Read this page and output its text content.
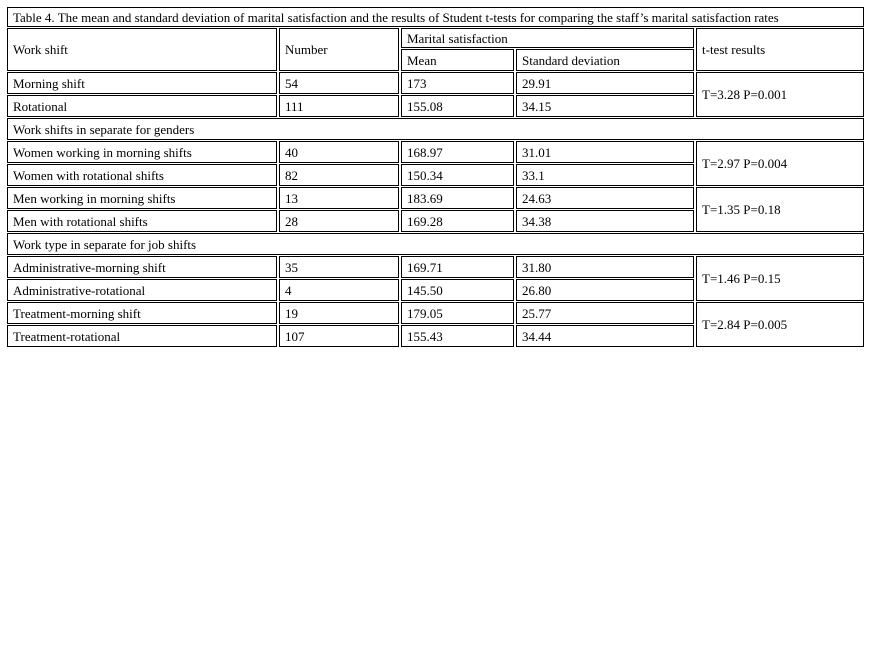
Table 4. The mean and standard deviation of marital satisfaction and the results of Student t-tests for comparing the staff’s marital satisfaction rates				
Work shift	Number	Marital satisfaction		t-test results
		Mean	Standard deviation	
Morning shift	54	173	29.91	T=3.28 P=0.001
Rotational	111	155.08	34.15	
Work shifts in separate for genders				
Women working in morning shifts	40	168.97	31.01	T=2.97 P=0.004
Women with rotational shifts	82	150.34	33.1	
Men working in morning shifts	13	183.69	24.63	T=1.35 P=0.18
Men with rotational shifts	28	169.28	34.38	
Work type in separate for job shifts				
Administrative-morning shift	35	169.71	31.80	T=1.46 P=0.15
Administrative-rotational	4	145.50	26.80	
Treatment-morning shift	19	179.05	25.77	T=2.84 P=0.005
Treatment-rotational	107	155.43	34.44	
